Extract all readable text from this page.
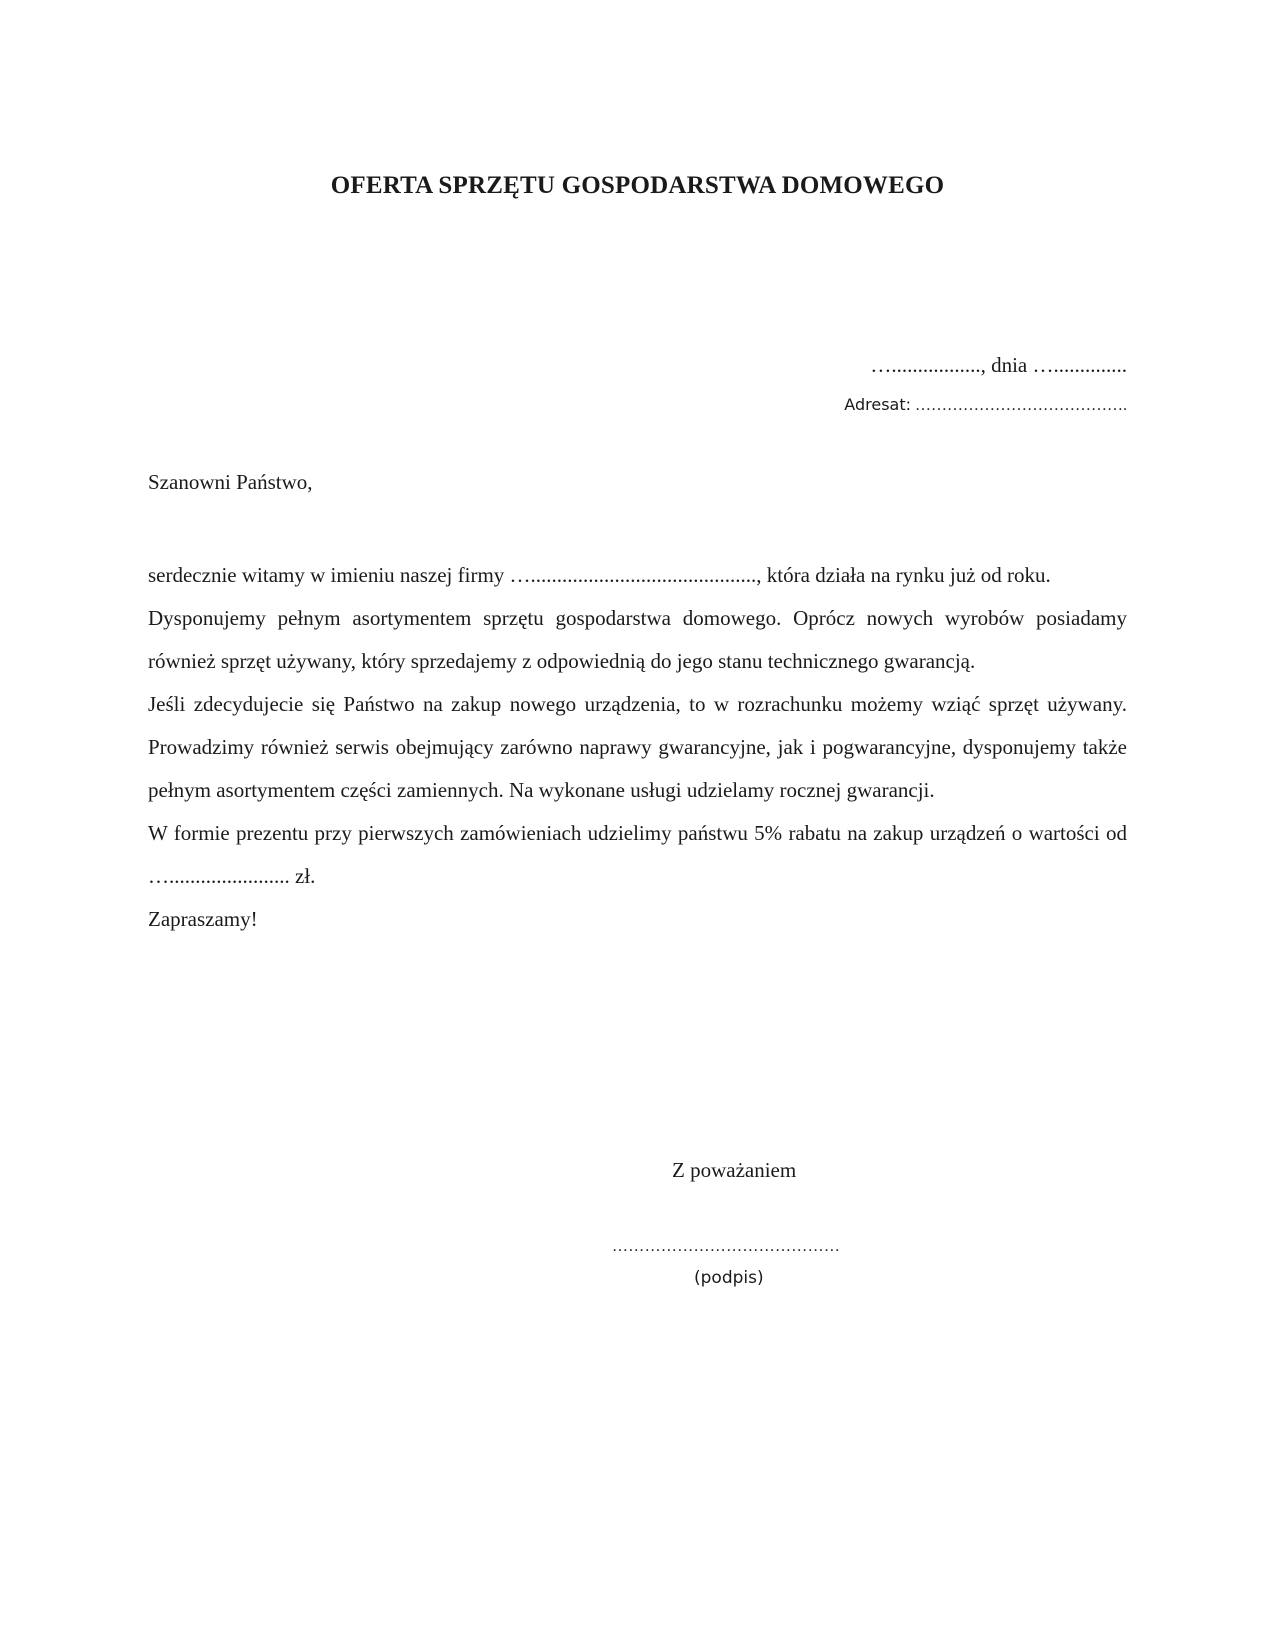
OFERTA SPRZĘTU GOSPODARSTWA DOMOWEGO
…................., dnia …..............
Adresat: ………………………………….

Szanowni Państwo,

serdecznie witamy w imieniu naszej firmy …..........................................., która działa na rynku już od roku.

Dysponujemy pełnym asortymentem sprzętu gospodarstwa domowego. Oprócz nowych wyrobów posiadamy również sprzęt używany, który sprzedajemy z odpowiednią do jego stanu technicznego gwarancją.

Jeśli zdecydujecie się Państwo na zakup nowego urządzenia, to w rozrachunku możemy wziąć sprzęt używany. Prowadzimy również serwis obejmujący zarówno naprawy gwarancyjne, jak i pogwarancyjne, dysponujemy także pełnym asortymentem części zamiennych. Na wykonane usługi udzielamy rocznej gwarancji.

W formie prezentu przy pierwszych zamówieniach udzielimy państwu 5% rabatu na zakup urządzeń o wartości od …....................... zł.

Zapraszamy!

Z poważaniem

……………………………………

(podpis)
